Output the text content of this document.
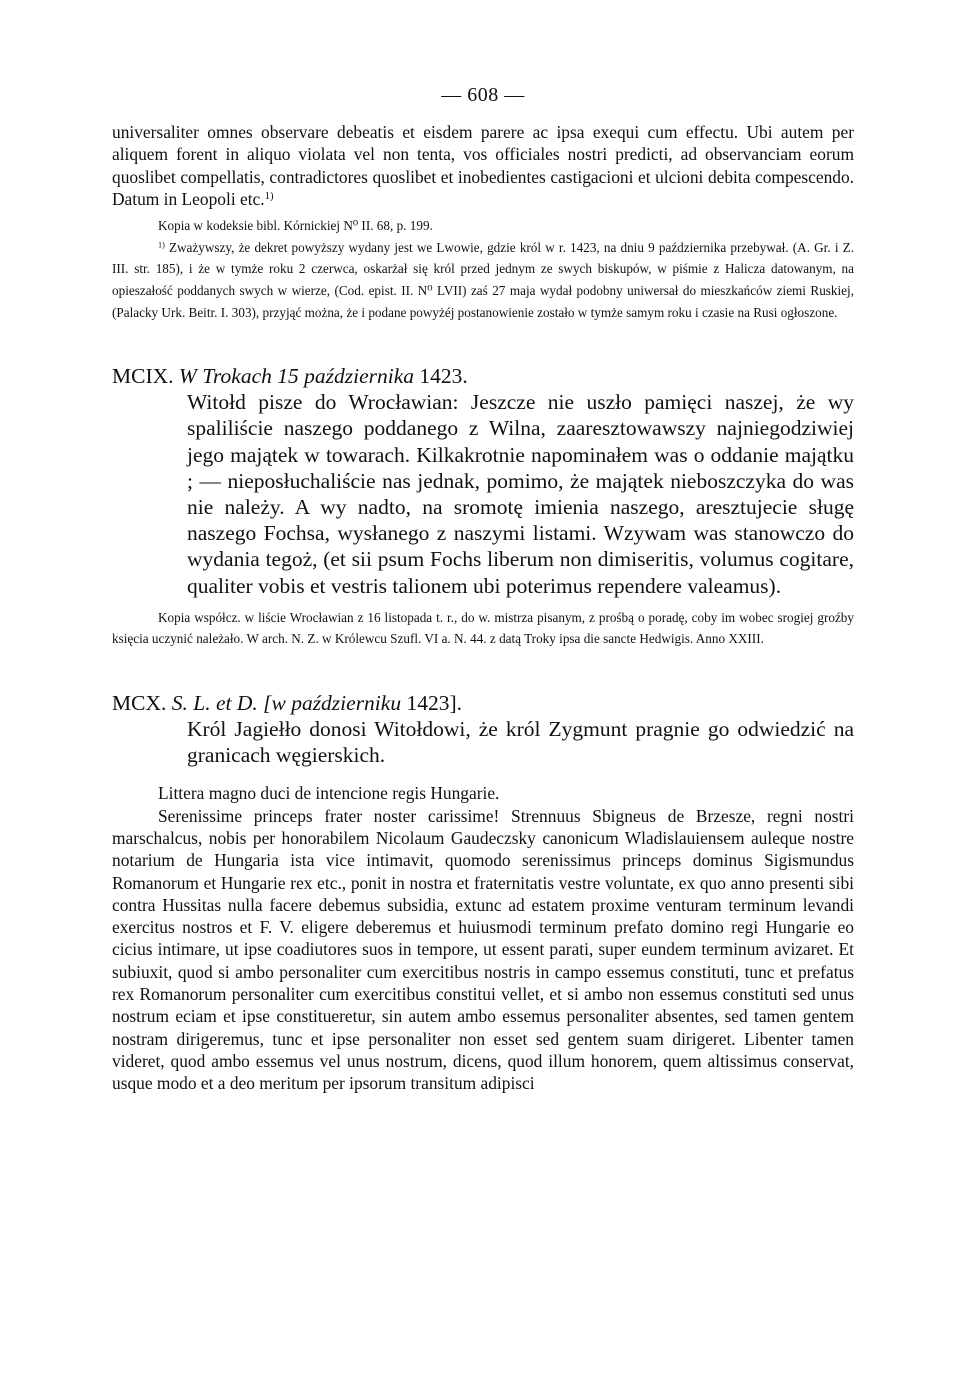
— 608 —

universaliter omnes observare debeatis et eisdem parere ac ipsa exequi cum effectu. Ubi autem per aliquem forent in aliquo violata vel non tenta, vos officiales nostri predicti, ad observanciam eorum quoslibet compellatis, contradictores quoslibet et inobedientes castigacioni et ulcioni debita compescendo. Datum in Leopoli etc.$^{1)}$

Kopia w kodeksie bibl. Kórnickiej N⁰ II. 68, p. 199.

$^{1)}$ Zważywszy, że dekret powyższy wydany jest we Lwowie, gdzie król w r. 1423, na dniu 9 października przebywał. (A. Gr. i Z. III. str. 185), i że w tymże roku 2 czerwca, oskarżał się król przed jednym ze swych biskupów, w piśmie z Halicza datowanym, na opieszałość poddanych swych w wierze, (Cod. epist. II. N⁰ LVII) zaś 27 maja wydał podobny uniwersał do mieszkańców ziemi Ruskiej, (Palacky Urk. Beitr. I. 303), przyjąć można, że i podane powyżéj postanowienie zostało w tymże samym roku i czasie na Rusi ogłoszone.

MCIX. W Trokach 15 października 1423.

Witołd pisze do Wrocławian: Jeszcze nie uszło pamięci naszej, że wy spaliliście naszego poddanego z Wilna, zaaresztowawszy najniegodziwiej jego majątek w towarach. Kilkakrotnie napominałem was o oddanie majątku ; — nieposłuchaliście nas jednak, pomimo, że majątek nieboszczyka do was nie należy. A wy nadto, na sromotę imienia naszego, aresztujecie sługę naszego Fochsa, wysłanego z naszymi listami. Wzywam was stanowczo do wydania tegoż, (et sii psum Fochs liberum non dimiseritis, volumus cogitare, qualiter vobis et vestris talionem ubi poterimus rependere valeamus).

Kopia współcz. w liście Wrocławian z 16 listopada t. r., do w. mistrza pisanym, z prośbą o poradę, coby im wobec srogiej groźby księcia uczynić należało. W arch. N. Z. w Królewcu Szufl. VI a. N. 44. z datą Troky ipsa die sancte Hedwigis. Anno XXIII.

MCX. S. L. et D. [w październiku 1423].

Król Jagiełło donosi Witołdowi, że król Zygmunt pragnie go odwiedzić na granicach węgierskich.

Littera magno duci de intencione regis Hungarie.

Serenissime princeps frater noster carissime! Strennuus Sbigneus de Brzesze, regni nostri marschalcus, nobis per honorabilem Nicolaum Gaudeczsky canonicum Wladislauiensem auleque nostre notarium de Hungaria ista vice intimavit, quomodo serenissimus princeps dominus Sigismundus Romanorum et Hungarie rex etc., ponit in nostra et fraternitatis vestre voluntate, ex quo anno presenti sibi contra Hussitas nulla facere debemus subsidia, extunc ad estatem proxime venturam terminum levandi exercitus nostros et F. V. eligere deberemus et huiusmodi terminum prefato domino regi Hungarie eo cicius intimare, ut ipse coadiutores suos in tempore, ut essent parati, super eundem terminum avizaret. Et subiuxit, quod si ambo personaliter cum exercitibus nostris in campo essemus constituti, tunc et prefatus rex Romanorum personaliter cum exercitibus constitui vellet, et si ambo non essemus constituti sed unus nostrum eciam et ipse constitueretur, sin autem ambo essemus personaliter absentes, sed tamen gentem nostram dirigeremus, tunc et ipse personaliter non esset sed gentem suam dirigeret. Libenter tamen videret, quod ambo essemus vel unus nostrum, dicens, quod illum honorem, quem altissimus conservat, usque modo et a deo meritum per ipsorum transitum adipisci
